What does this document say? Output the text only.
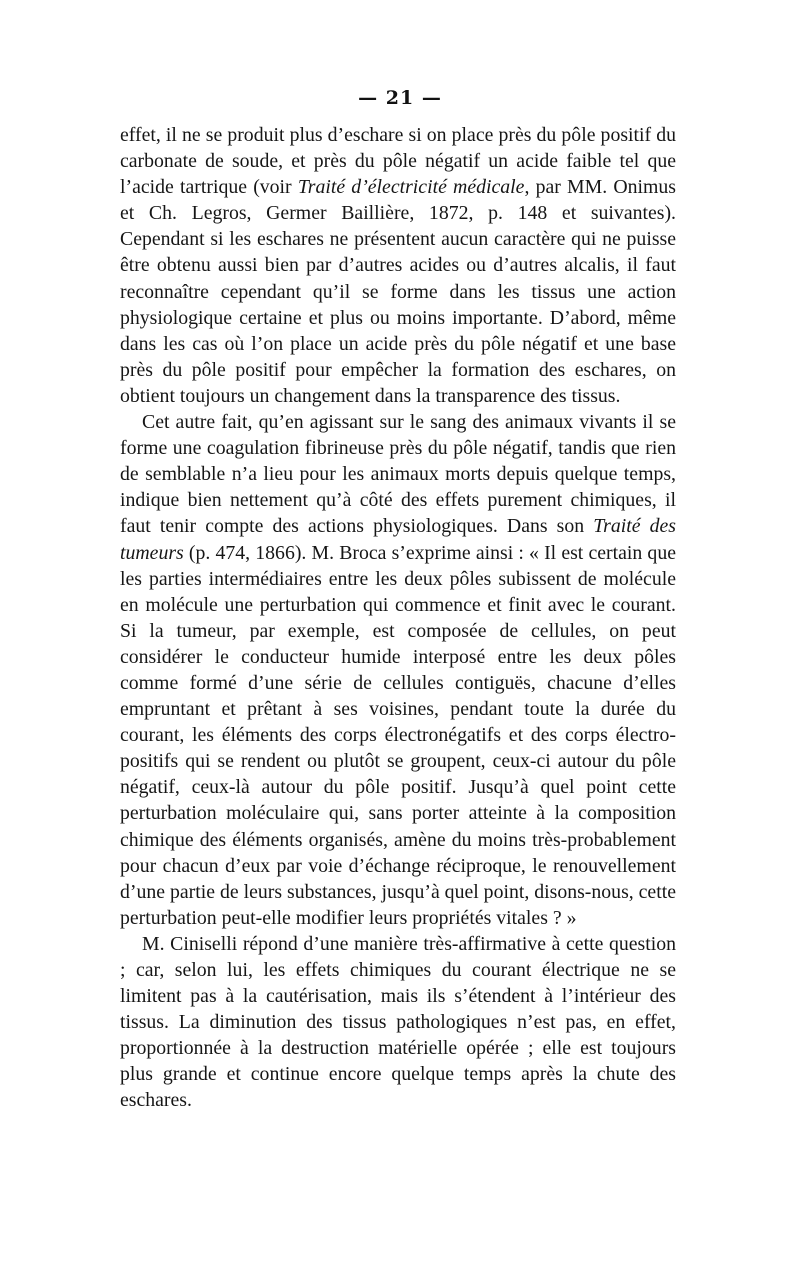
— 21 —

effet, il ne se produit plus d’eschare si on place près du pôle positif du carbonate de soude, et près du pôle négatif un acide faible tel que l’acide tartrique (voir Traité d’électricité médicale, par MM. Onimus et Ch. Legros, Germer Baillière, 1872, p. 148 et suivantes). Cependant si les eschares ne présentent aucun caractère qui ne puisse être obtenu aussi bien par d’autres acides ou d’autres alcalis, il faut reconnaître cependant qu’il se forme dans les tissus une action physiologique certaine et plus ou moins importante. D’abord, même dans les cas où l’on place un acide près du pôle négatif et une base près du pôle positif pour empêcher la formation des eschares, on obtient toujours un changement dans la transparence des tissus.

Cet autre fait, qu’en agissant sur le sang des animaux vivants il se forme une coagulation fibrineuse près du pôle négatif, tandis que rien de semblable n’a lieu pour les animaux morts depuis quelque temps, indique bien nettement qu’à côté des effets purement chimiques, il faut tenir compte des actions physiologiques. Dans son Traité des tumeurs (p. 474, 1866). M. Broca s’exprime ainsi : « Il est certain que les parties intermédiaires entre les deux pôles subissent de molécule en molécule une perturbation qui commence et finit avec le courant. Si la tumeur, par exemple, est composée de cellules, on peut considérer le conducteur humide interposé entre les deux pôles comme formé d’une série de cellules contiguës, chacune d’elles empruntant et prêtant à ses voisines, pendant toute la durée du courant, les éléments des corps électronégatifs et des corps électro-positifs qui se rendent ou plutôt se groupent, ceux-ci autour du pôle négatif, ceux-là autour du pôle positif. Jusqu’à quel point cette perturbation moléculaire qui, sans porter atteinte à la composition chimique des éléments organisés, amène du moins très-probablement pour chacun d’eux par voie d’échange réciproque, le renouvellement d’une partie de leurs substances, jusqu’à quel point, disons-nous, cette perturbation peut-elle modifier leurs propriétés vitales ? »

M. Ciniselli répond d’une manière très-affirmative à cette question ; car, selon lui, les effets chimiques du courant électrique ne se limitent pas à la cautérisation, mais ils s’étendent à l’intérieur des tissus. La diminution des tissus pathologiques n’est pas, en effet, proportionnée à la destruction matérielle opérée ; elle est toujours plus grande et continue encore quelque temps après la chute des eschares.
